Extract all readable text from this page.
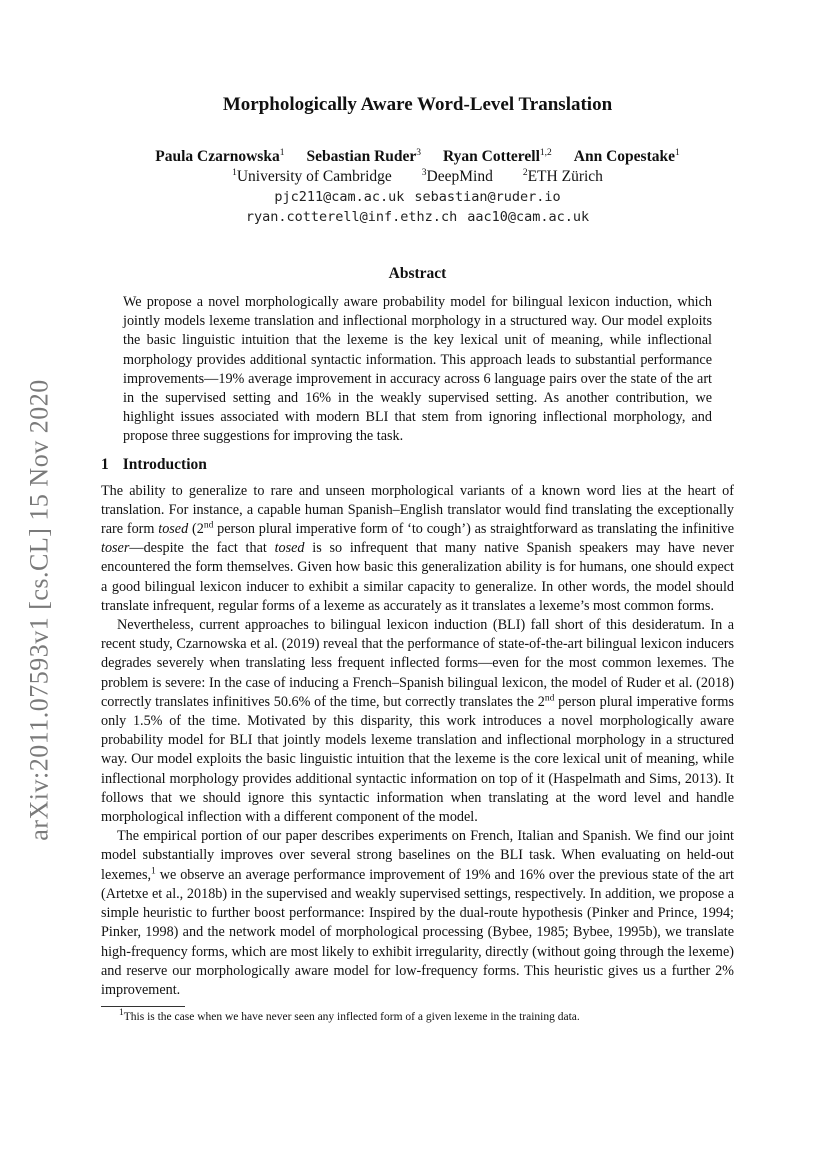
arXiv:2011.07593v1 [cs.CL] 15 Nov 2020
Morphologically Aware Word-Level Translation
Paula Czarnowska$^1$ Sebastian Ruder$^3$ Ryan Cotterell$^{1,2}$ Ann Copestake$^1$
$^1$University of Cambridge	$^3$DeepMind	$^2$ETH Zürich
pjc211@cam.ac.uk sebastian@ruder.io
ryan.cotterell@inf.ethz.ch aac10@cam.ac.uk
Abstract
We propose a novel morphologically aware probability model for bilingual lexicon induction, which jointly models lexeme translation and inflectional morphology in a structured way. Our model exploits the basic linguistic intuition that the lexeme is the key lexical unit of meaning, while inflectional morphology provides additional syntactic information. This approach leads to substantial performance improvements—19% average improvement in accuracy across 6 language pairs over the state of the art in the supervised setting and 16% in the weakly supervised setting. As another contribution, we highlight issues associated with modern BLI that stem from ignoring inflectional morphology, and propose three suggestions for improving the task.
1 Introduction

The ability to generalize to rare and unseen morphological variants of a known word lies at the heart of translation. For instance, a capable human Spanish–English translator would find translating the exceptionally rare form tosed (2nd person plural imperative form of ‘to cough’) as straightforward as translating the infinitive toser—despite the fact that tosed is so infrequent that many native Spanish speakers may have never encountered the form themselves. Given how basic this generalization ability is for humans, one should expect a good bilingual lexicon inducer to exhibit a similar capacity to generalize. In other words, the model should translate infrequent, regular forms of a lexeme as accurately as it translates a lexeme’s most common forms.

Nevertheless, current approaches to bilingual lexicon induction (BLI) fall short of this desideratum. In a recent study, Czarnowska et al. (2019) reveal that the performance of state-of-the-art bilingual lexicon inducers degrades severely when translating less frequent inflected forms—even for the most common lexemes. The problem is severe: In the case of inducing a French–Spanish bilingual lexicon, the model of Ruder et al. (2018) correctly translates infinitives 50.6% of the time, but correctly translates the 2nd person plural imperative forms only 1.5% of the time. Motivated by this disparity, this work introduces a novel morphologically aware probability model for BLI that jointly models lexeme translation and inflectional morphology in a structured way. Our model exploits the basic linguistic intuition that the lexeme is the core lexical unit of meaning, while inflectional morphology provides additional syntactic information on top of it (Haspelmath and Sims, 2013). It follows that we should ignore this syntactic information when translating at the word level and handle morphological inflection with a different component of the model.

The empirical portion of our paper describes experiments on French, Italian and Spanish. We find our joint model substantially improves over several strong baselines on the BLI task. When evaluating on held-out lexemes,$^1$ we observe an average performance improvement of 19% and 16% over the previous state of the art (Artetxe et al., 2018b) in the supervised and weakly supervised settings, respectively. In addition, we propose a simple heuristic to further boost performance: Inspired by the dual-route hypothesis (Pinker and Prince, 1994; Pinker, 1998) and the network model of morphological processing (Bybee, 1985; Bybee, 1995b), we translate high-frequency forms, which are most likely to exhibit irregularity, directly (without going through the lexeme) and reserve our morphologically aware model for low-frequency forms. This heuristic gives us a further 2% improvement.

$^1$This is the case when we have never seen any inflected form of a given lexeme in the training data.
